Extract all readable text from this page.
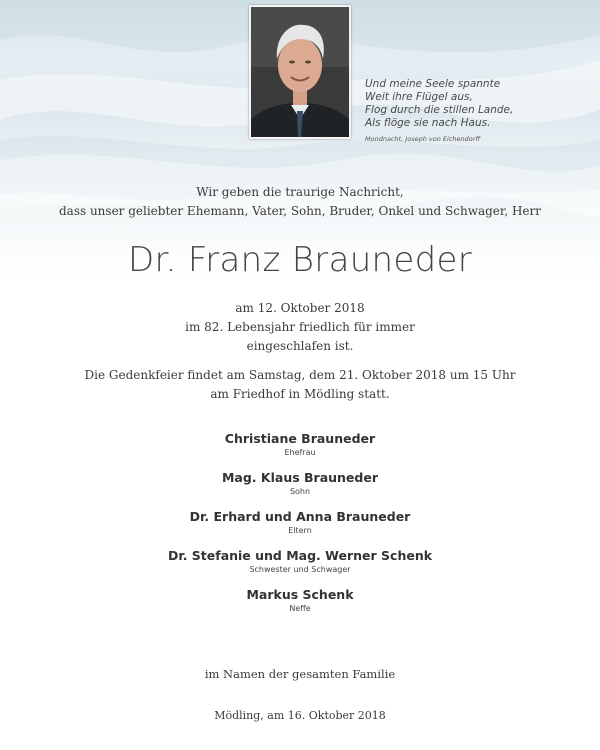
Und meine Seele spannte
Weit ihre Flügel aus,
Flog durch die stillen Lande,
Als flöge sie nach Haus.
Mondnacht, Joseph von Eichendorff
Wir geben die traurige Nachricht,
dass unser geliebter Ehemann, Vater, Sohn, Bruder, Onkel und Schwager, Herr
Dr. Franz Brauneder
am 12. Oktober 2018
im 82. Lebensjahr friedlich für immer
eingeschlafen ist.
Die Gedenkfeier findet am Samstag, dem 21. Oktober 2018 um 15 Uhr
am Friedhof in Mödling statt.
Christiane Brauneder
Ehefrau
Mag. Klaus Brauneder
Sohn
Dr. Erhard und Anna Brauneder
Eltern
Dr. Stefanie und Mag. Werner Schenk
Schwester und Schwager
Markus Schenk
Neffe
im Namen der gesamten Familie
Mödling, am 16. Oktober 2018
